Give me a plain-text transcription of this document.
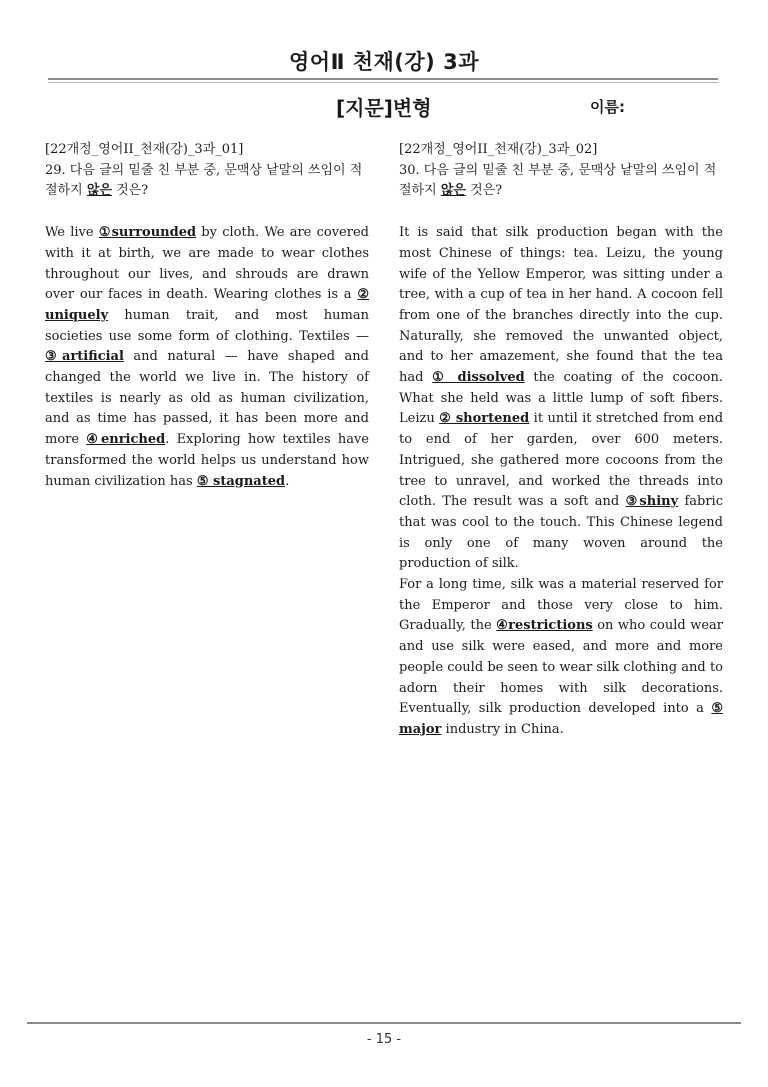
영어Ⅱ 천재(강) 3과
[지문]변형	이름:
[22개정_영어II_천재(강)_3과_01]
29. 다음 글의 밑줄 친 부분 중, 문맥상 낱말의 쓰임이 적절하지 않은 것은?

We live ①surrounded by cloth. We are covered with it at birth, we are made to wear clothes throughout our lives, and shrouds are drawn over our faces in death. Wearing clothes is a ② uniquely human trait, and most human societies use some form of clothing. Textiles — ③artificial and natural — have shaped and changed the world we live in. The history of textiles is nearly as old as human civilization, and as time has passed, it has been more and more ④enriched. Exploring how textiles have transformed the world helps us understand how human civilization has ⑤ stagnated.

[22개정_영어II_천재(강)_3과_02]
30. 다음 글의 밑줄 친 부분 중, 문맥상 낱말의 쓰임이 적절하지 않은 것은?

It is said that silk production began with the most Chinese of things: tea. Leizu, the young wife of the Yellow Emperor, was sitting under a tree, with a cup of tea in her hand. A cocoon fell from one of the branches directly into the cup. Naturally, she removed the unwanted object, and to her amazement, she found that the tea had ① dissolved the coating of the cocoon. What she held was a little lump of soft fibers. Leizu ② shortened it until it stretched from end to end of her garden, over 600 meters. Intrigued, she gathered more cocoons from the tree to unravel, and worked the threads into cloth. The result was a soft and ③shiny fabric that was cool to the touch. This Chinese legend is only one of many woven around the production of silk.

For a long time, silk was a material reserved for the Emperor and those very close to him. Gradually, the ④restrictions on who could wear and use silk were eased, and more and more people could be seen to wear silk clothing and to adorn their homes with silk decorations. Eventually, silk production developed into a ⑤ major industry in China.

- 15 -
